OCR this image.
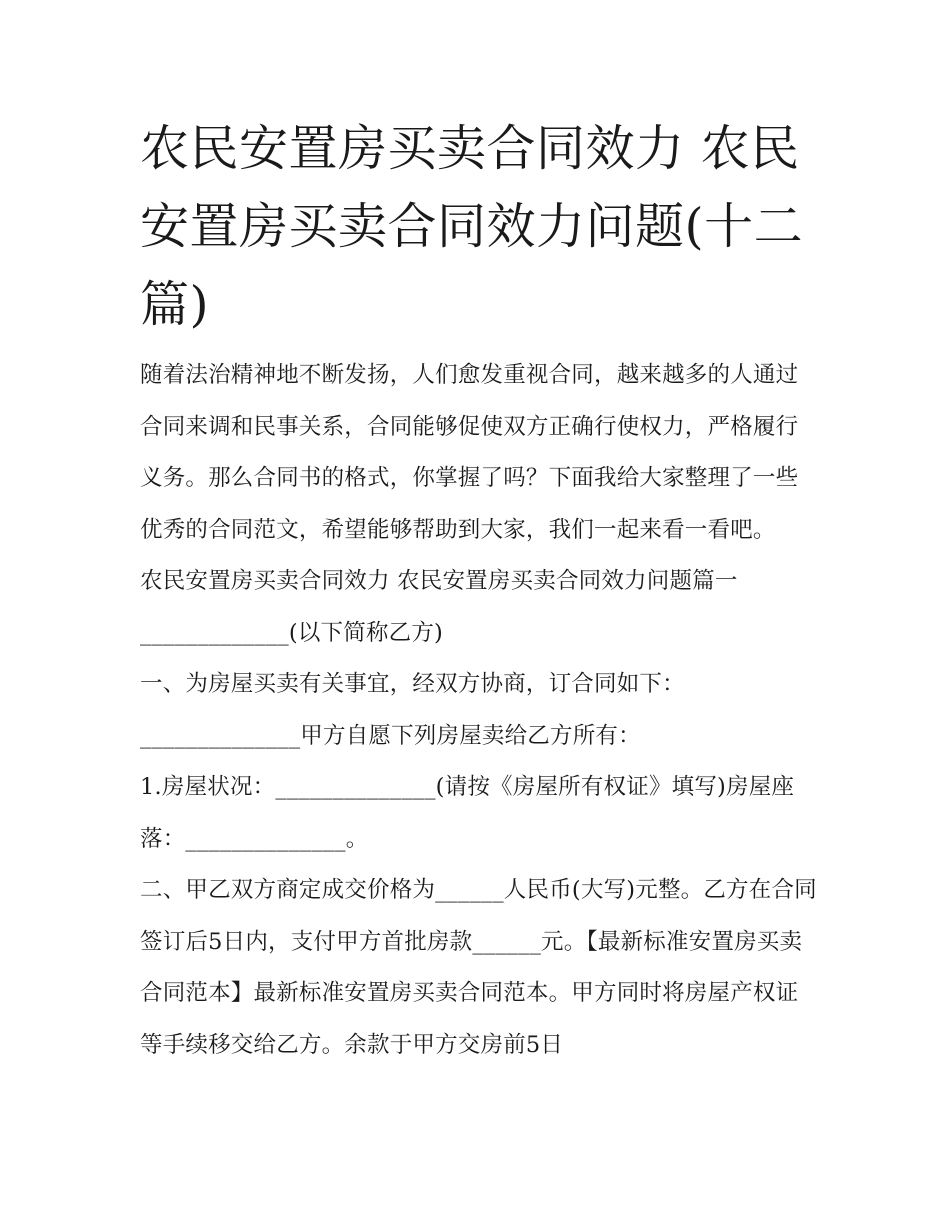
农民安置房买卖合同效力 农民安置房买卖合同效力问题(十二篇)

随着法治精神地不断发扬，人们愈发重视合同，越来越多的人通过合同来调和民事关系，合同能够促使双方正确行使权力，严格履行义务。那么合同书的格式，你掌握了吗？下面我给大家整理了一些优秀的合同范文，希望能够帮助到大家，我们一起来看一看吧。

农民安置房买卖合同效力 农民安置房买卖合同效力问题篇一

_____________(以下简称乙方)

一、为房屋买卖有关事宜，经双方协商，订合同如下：

______________甲方自愿下列房屋卖给乙方所有：

1.房屋状况：______________(请按《房屋所有权证》填写)房屋座落：______________。

二、甲乙双方商定成交价格为______人民币(大写)元整。乙方在合同签订后5日内，支付甲方首批房款______元。【最新标准安置房买卖合同范本】最新标准安置房买卖合同范本。甲方同时将房屋产权证等手续移交给乙方。余款于甲方交房前5日
